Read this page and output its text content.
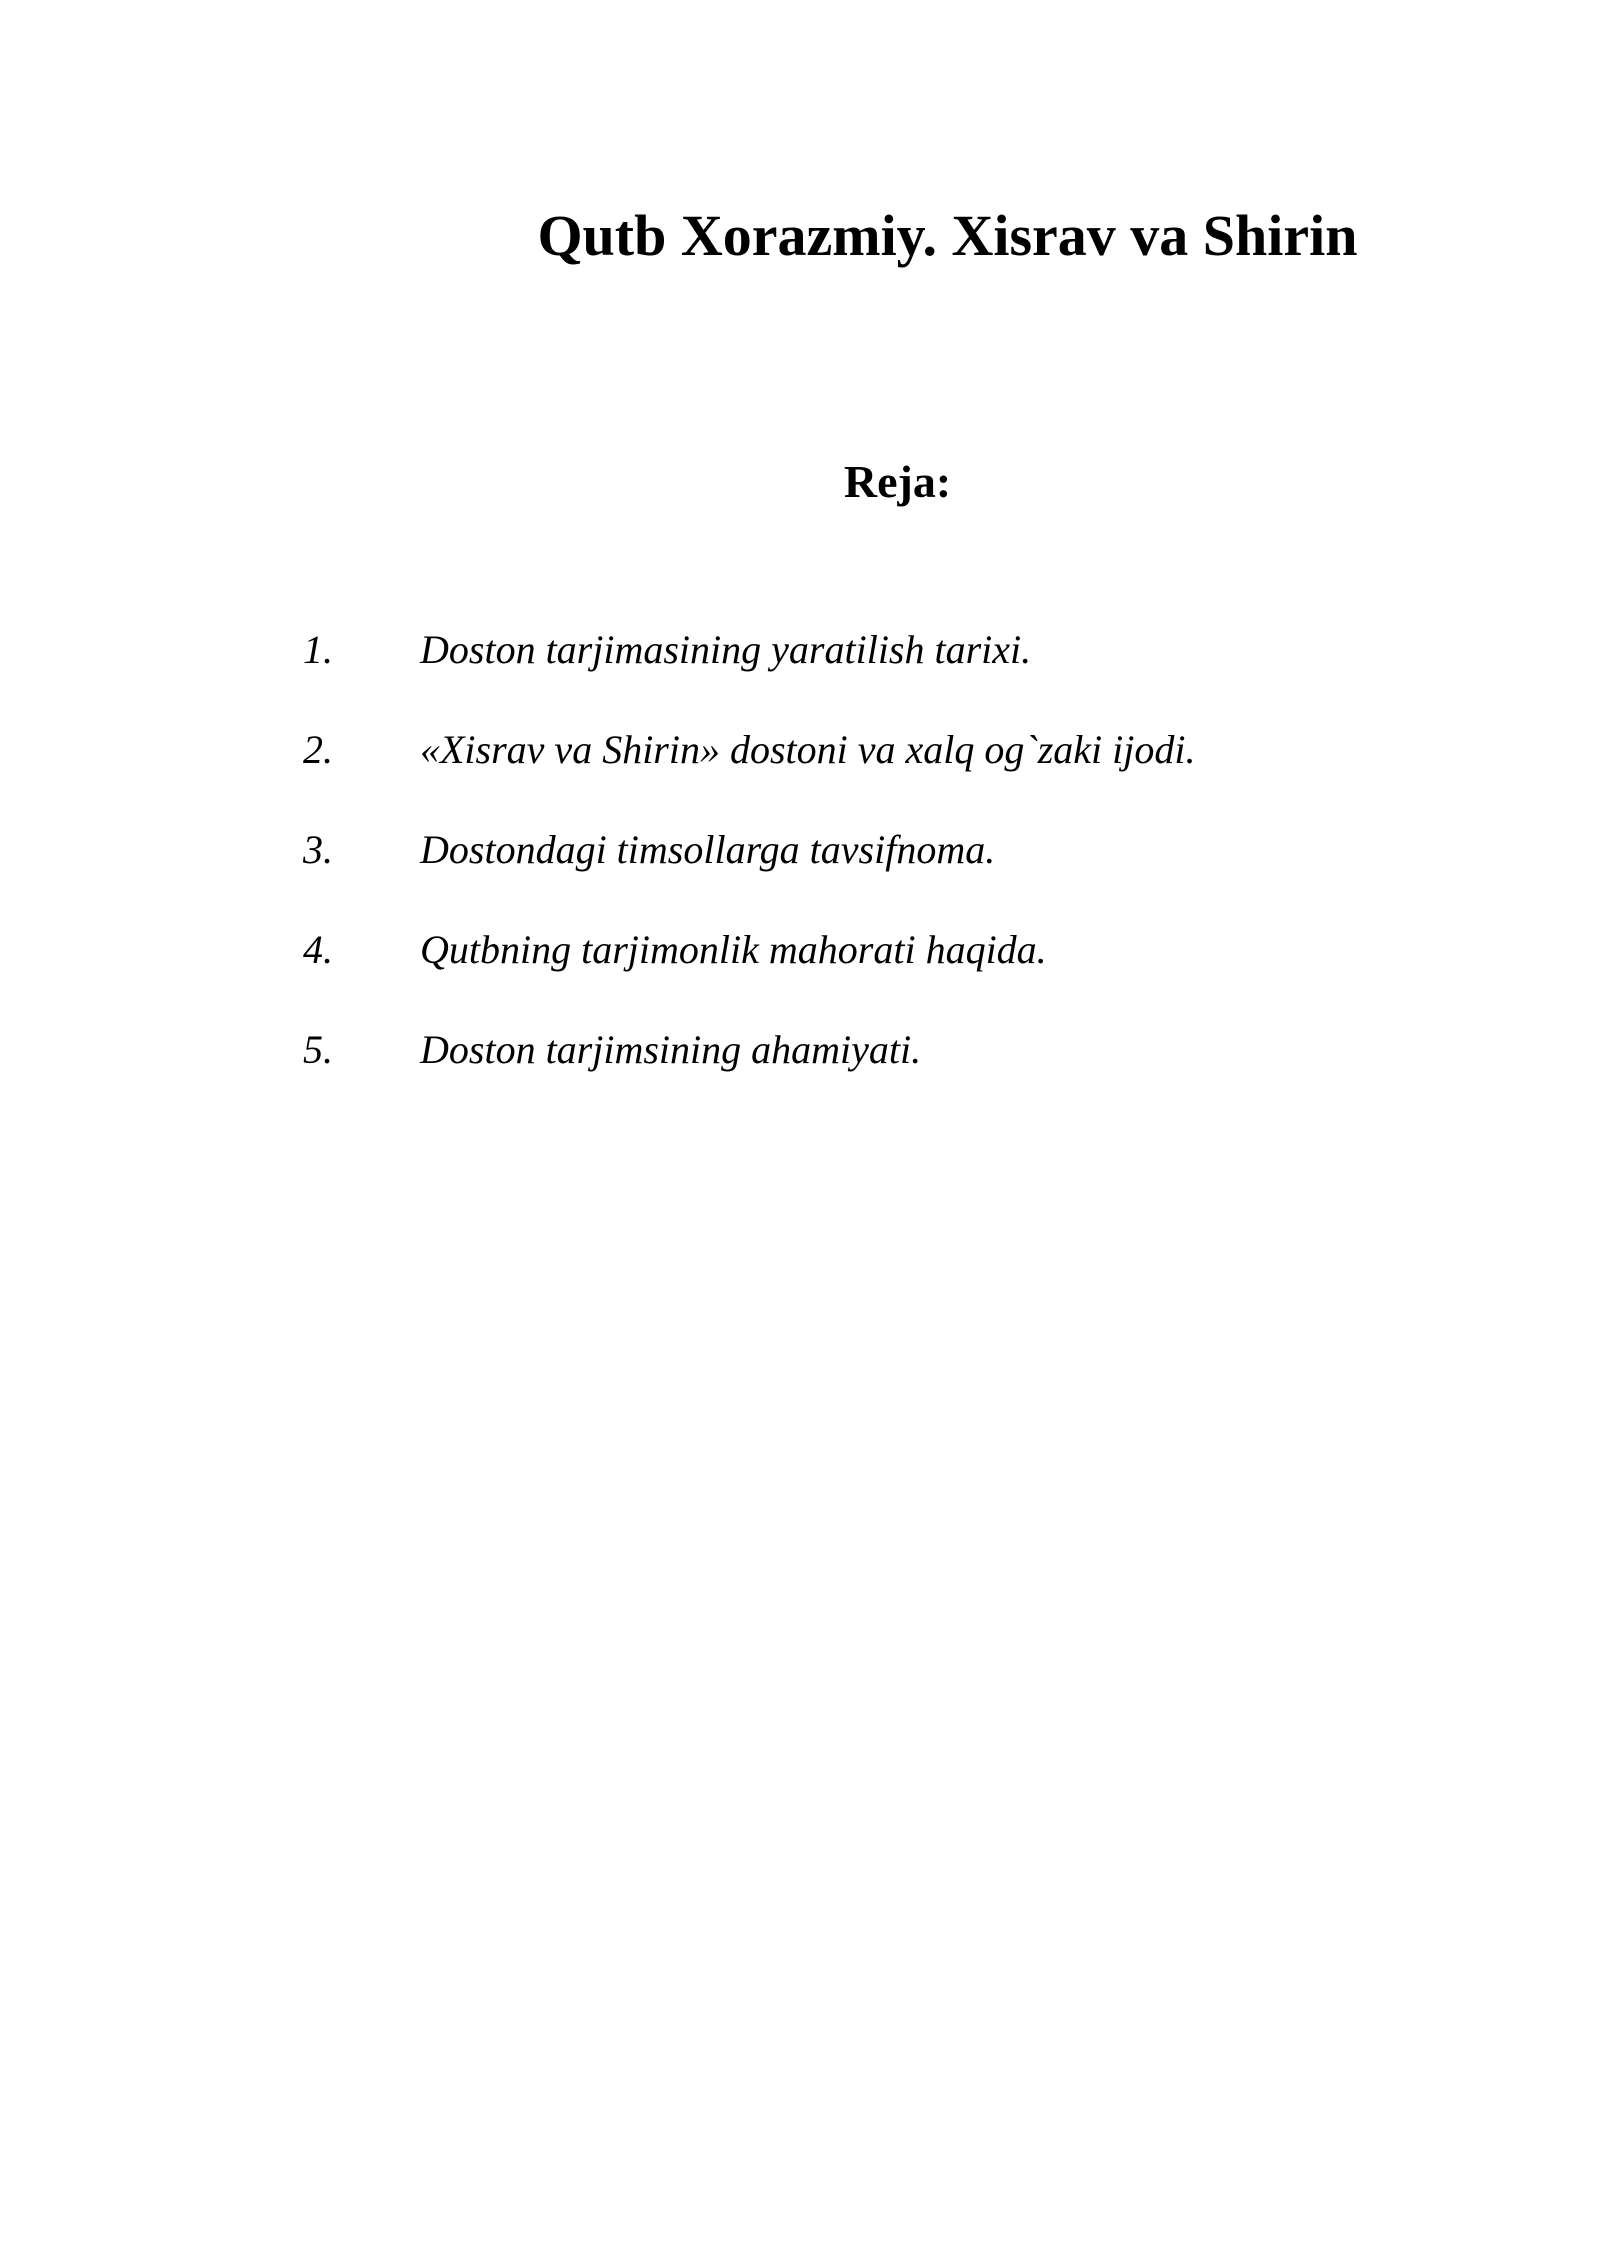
Qutb Xorazmiy. Xisrav va Shirin
Reja:
1. Doston tarjimasining yaratilish tarixi.
2. «Xisrav va Shirin» dostoni va xalq og`zaki ijodi.
3. Dostondagi timsollarga tavsifnoma.
4. Qutbning tarjimonlik mahorati haqida.
5. Doston tarjimsining ahamiyati.
